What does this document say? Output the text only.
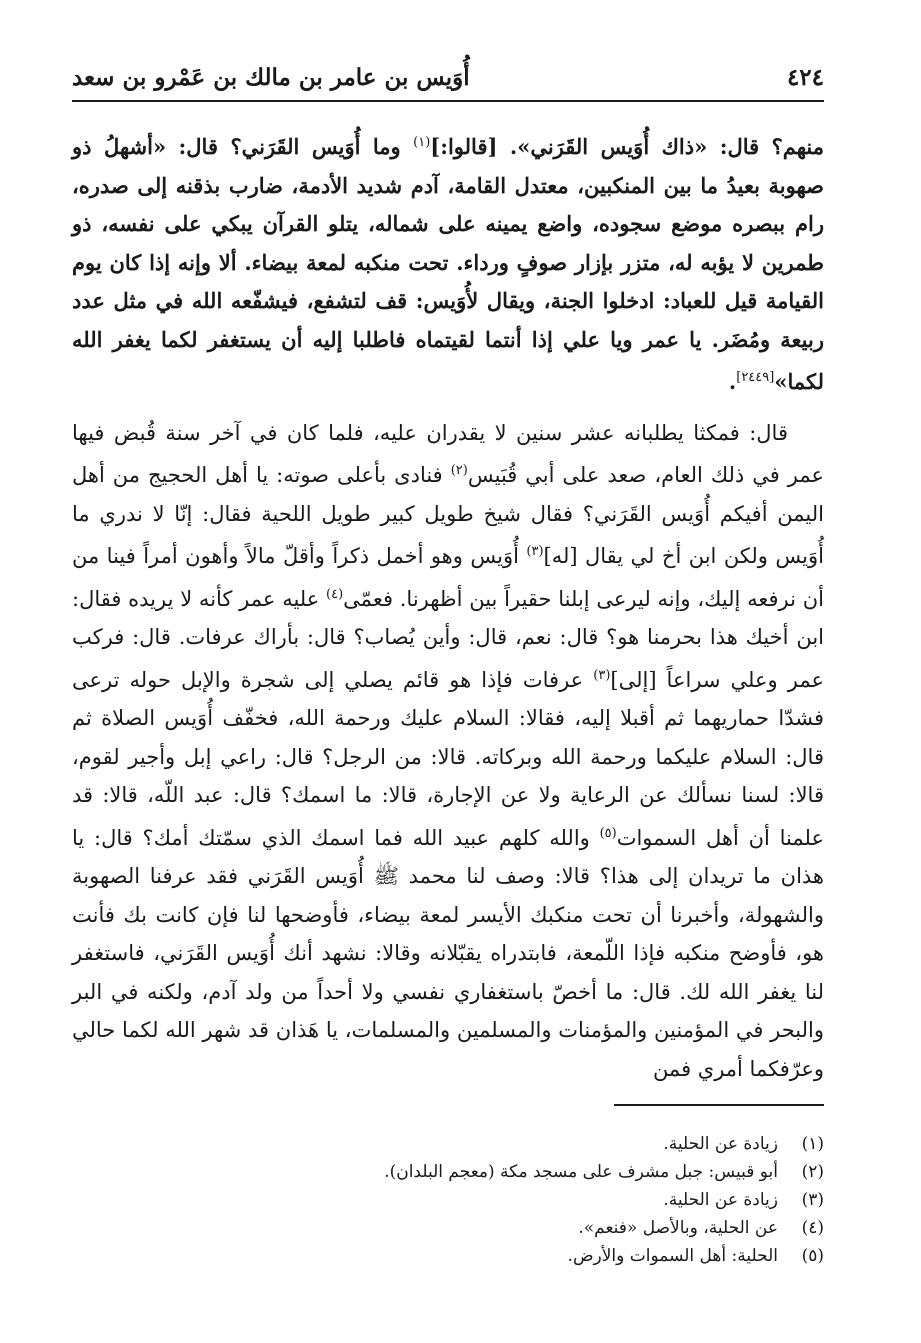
٤٢٤
أُوَيس بن عامر بن مالك بن عَمْرو بن سعد

منهم؟ قال: «ذاك أُوَيس القَرَني». [قالوا:]$^{(١)}$ وما أُوَيس القَرَني؟ قال: «أشهلُ ذو صهوبة بعيدُ ما بين المنكبين، معتدل القامة، آدم شديد الأدمة، ضارب بذقنه إلى صدره، رام ببصره موضع سجوده، واضع يمينه على شماله، يتلو القرآن يبكي على نفسه، ذو طمرين لا يؤبه له، متزر بإزار صوفٍ ورداء. تحت منكبه لمعة بيضاء. ألا وإنه إذا كان يوم القيامة قيل للعباد: ادخلوا الجنة، ويقال لأُوَيس: قف لتشفع، فيشفّعه الله في مثل عدد ربيعة ومُضَر. يا عمر ويا علي إذا أنتما لقيتماه فاطلبا إليه أن يستغفر لكما يغفر الله لكما»[٢٤٤٩].

قال: فمكثا يطلبانه عشر سنين لا يقدران عليه، فلما كان في آخر سنة قُبض فيها عمر في ذلك العام، صعد على أبي قُبَيس$^{(٢)}$ فنادى بأعلى صوته: يا أهل الحجيج من أهل اليمن أفيكم أُوَيس القَرَني؟ فقال شيخ طويل كبير طويل اللحية فقال: إنّا لا ندري ما أُوَيس ولكن ابن أخ لي يقال [له]$^{(٣)}$ أُوَيس وهو أخمل ذكراً وأقلّ مالاً وأهون أمراً فينا من أن نرفعه إليك، وإنه ليرعى إبلنا حقيراً بين أظهرنا. فعمّى$^{(٤)}$ عليه عمر كأنه لا يريده فقال: ابن أخيك هذا بحرمنا هو؟ قال: نعم، قال: وأين يُصاب؟ قال: بأراك عرفات. قال: فركب عمر وعلي سراعاً [إلى]$^{(٣)}$ عرفات فإذا هو قائم يصلي إلى شجرة والإبل حوله ترعى فشدّا حماريهما ثم أقبلا إليه، فقالا: السلام عليك ورحمة الله، فخفّف أُوَيس الصلاة ثم قال: السلام عليكما ورحمة الله وبركاته. قالا: من الرجل؟ قال: راعي إبل وأجير لقوم، قالا: لسنا نسألك عن الرعاية ولا عن الإجارة، قالا: ما اسمك؟ قال: عبد اللّه، قالا: قد علمنا أن أهل السموات$^{(٥)}$ والله كلهم عبيد الله فما اسمك الذي سمّتك أمك؟ قال: يا هذان ما تريدان إلى هذا؟ قالا: وصف لنا محمد ﷺ أُوَيس القَرَني فقد عرفنا الصهوبة والشهولة، وأخبرنا أن تحت منكبك الأيسر لمعة بيضاء، فأوضحها لنا فإن كانت بك فأنت هو، فأوضح منكبه فإذا اللّمعة، فابتدراه يقبّلانه وقالا: نشهد أنك أُوَيس القَرَني، فاستغفر لنا يغفر الله لك. قال: ما أخصّ باستغفاري نفسي ولا أحداً من ولد آدم، ولكنه في البر والبحر في المؤمنين والمؤمنات والمسلمين والمسلمات، يا هَذان قد شهر الله لكما حالي وعرّفكما أمري فمن

(١)
زيادة عن الحلية.
(٢)
أبو قبيس: جبل مشرف على مسجد مكة (معجم البلدان).
(٣)
زيادة عن الحلية.
(٤)
عن الحلية، وبالأصل «فنعم».
(٥)
الحلية: أهل السموات والأرض.
